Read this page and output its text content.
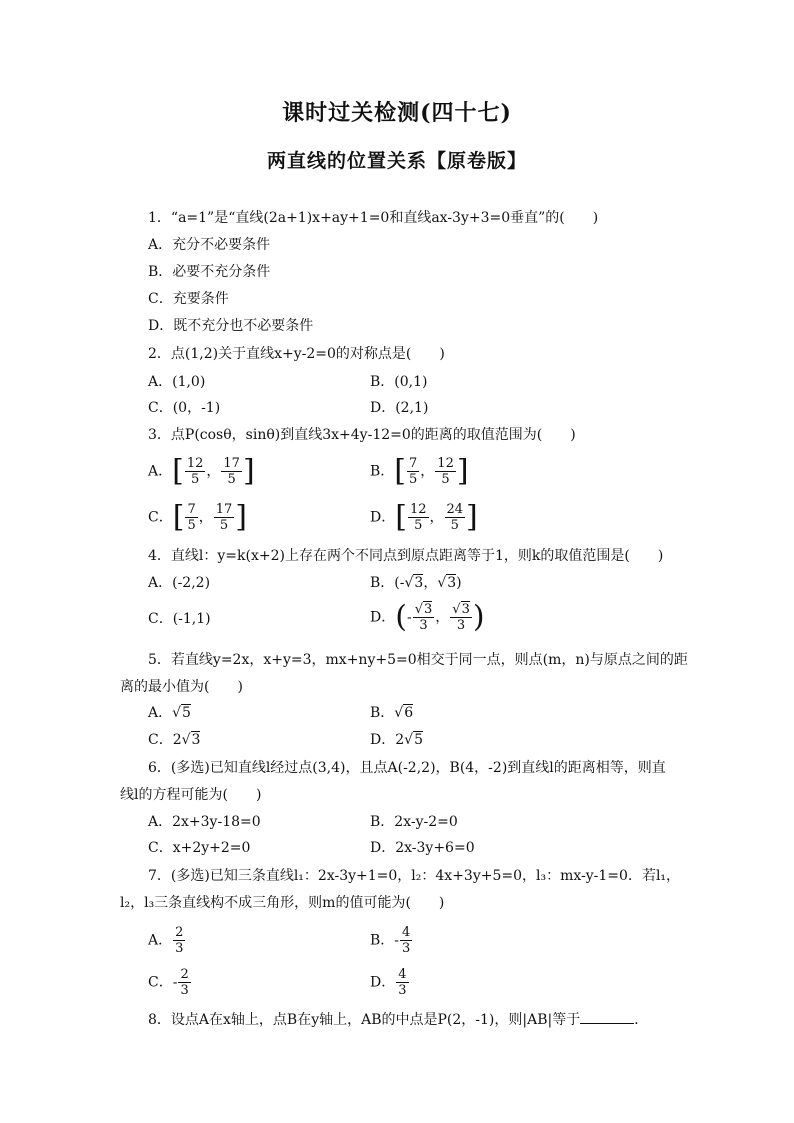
课时过关检测(四十七)
两直线的位置关系【原卷版】
1．“a=1”是“直线(2a+1)x+ay+1=0和直线ax-3y+3=0垂直”的(　　)
A．充分不必要条件
B．必要不充分条件
C．充要条件
D．既不充分也不必要条件
2．点(1,2)关于直线x+y-2=0的对称点是(　　)
A．(1,0)	B．(0,1)
C．(0，-1)	D．(2,1)
3．点P(cosθ，sinθ)到直线3x+4y-12=0的距离的取值范围为(　　)
A．[ $\frac{12}{5}$ ， $\frac{17}{5}$ ]	B．[ $\frac{7}{5}$ ， $\frac{12}{5}$ ]
C．[ $\frac{7}{5}$ ， $\frac{17}{5}$ ]	D．[ $\frac{12}{5}$ ， $\frac{24}{5}$ ]
4．直线l：y=k(x+2)上存在两个不同点到原点距离等于1，则k的取值范围是(　　)
A．(-2,2)	B．(-√3，√3)
C．(-1,1)	D．(- $\frac{√3}{3}$ ， $\frac{√3}{3}$ )
5．若直线y=2x，x+y=3，mx+ny+5=0相交于同一点，则点(m，n)与原点之间的距
离的最小值为(　　)
A．√5	B．√6
C．2√3	D．2√5
6．(多选)已知直线l经过点(3,4)，且点A(-2,2)，B(4，-2)到直线l的距离相等，则直
线l的方程可能为(　　)
A．2x+3y-18=0	B．2x-y-2=0
C．x+2y+2=0	D．2x-3y+6=0
7．(多选)已知三条直线l₁：2x-3y+1=0，l₂：4x+3y+5=0，l₃：mx-y-1=0．若l₁，
l₂，l₃三条直线构不成三角形，则m的值可能为(　　)
A． $\frac{2}{3}$	B．- $\frac{4}{3}$
C．- $\frac{2}{3}$	D． $\frac{4}{3}$
8．设点A在x轴上，点B在y轴上，AB的中点是P(2，-1)，则|AB|等于	．
